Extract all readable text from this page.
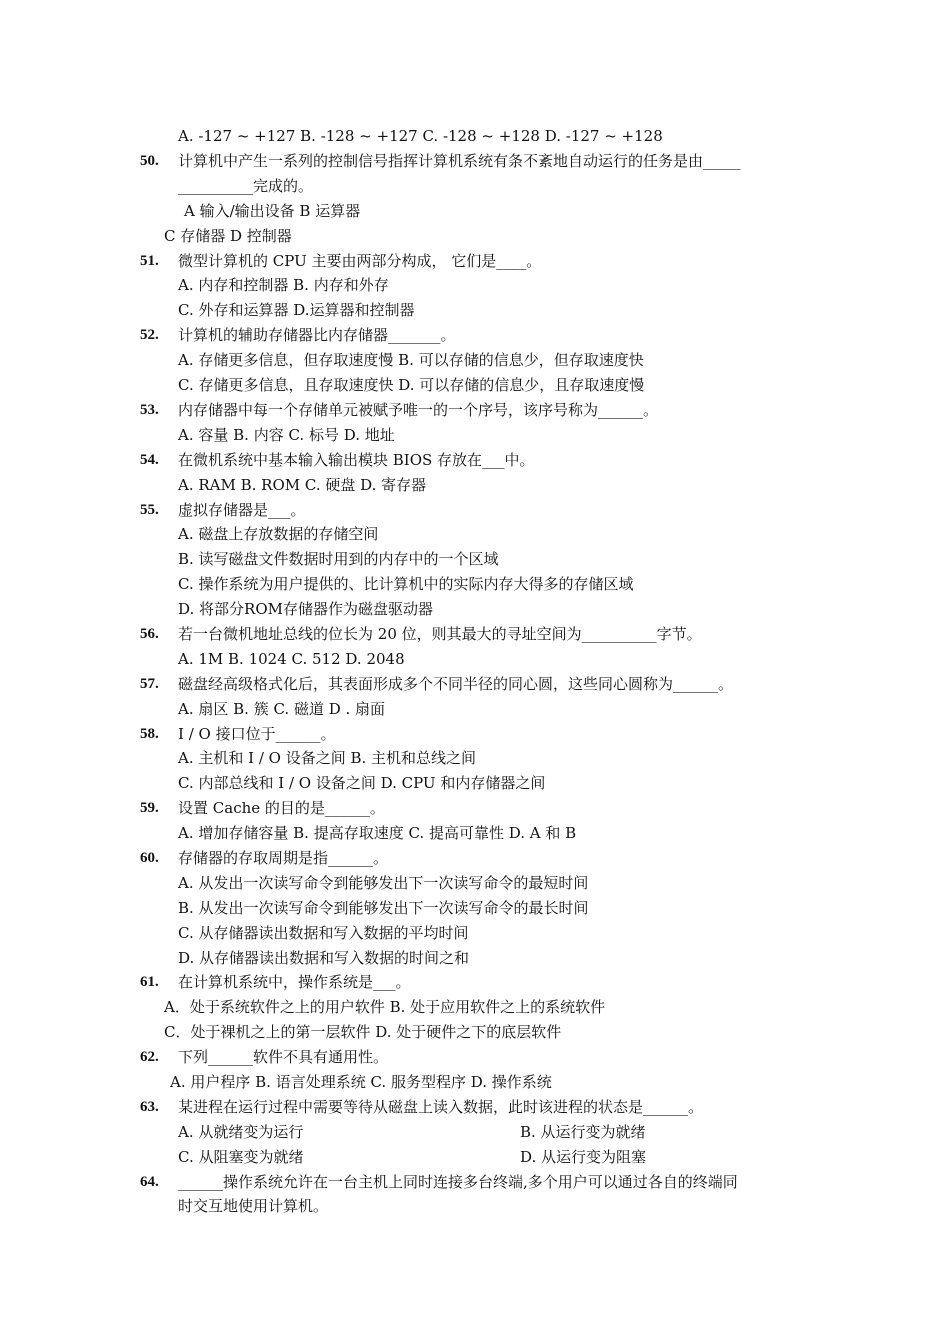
A. -127 ~ +127 B. -128 ~ +127 C. -128 ~ +128 D. -127 ~ +128
50.	计算机中产生一系列的控制信号指挥计算机系统有条不紊地自动运行的任务是由_____
__________完成的。
A 输入/输出设备 B 运算器
C 存储器 D 控制器
51.	微型计算机的 CPU 主要由两部分构成， 它们是____。
A. 内存和控制器 B. 内存和外存
C. 外存和运算器 D.运算器和控制器
52.	计算机的辅助存储器比内存储器_______。
A. 存储更多信息，但存取速度慢 B. 可以存储的信息少，但存取速度快
C. 存储更多信息，且存取速度快 D. 可以存储的信息少，且存取速度慢
53.	内存储器中每一个存储单元被赋予唯一的一个序号，该序号称为______。
A. 容量 B. 内容 C. 标号 D. 地址
54.	在微机系统中基本输入输出模块 BIOS 存放在___中。
A. RAM B. ROM C. 硬盘 D. 寄存器
55.	虚拟存储器是___。
A. 磁盘上存放数据的存储空间
B. 读写磁盘文件数据时用到的内存中的一个区域
C. 操作系统为用户提供的、比计算机中的实际内存大得多的存储区域
D. 将部分ROM存储器作为磁盘驱动器
56.	若一台微机地址总线的位长为 20 位，则其最大的寻址空间为__________字节。
A. 1M B. 1024 C. 512 D. 2048
57.	磁盘经高级格式化后，其表面形成多个不同半径的同心圆，这些同心圆称为______。
A. 扇区 B. 簇 C. 磁道 D . 扇面
58.	I / O 接口位于______。
A. 主机和 I / O 设备之间 B. 主机和总线之间
C. 内部总线和 I / O 设备之间 D. CPU 和内存储器之间
59.	设置 Cache 的目的是______。
A. 增加存储容量 B. 提高存取速度 C. 提高可靠性 D. A 和 B
60.	存储器的存取周期是指______。
A. 从发出一次读写命令到能够发出下一次读写命令的最短时间
B. 从发出一次读写命令到能够发出下一次读写命令的最长时间
C. 从存储器读出数据和写入数据的平均时间
D. 从存储器读出数据和写入数据的时间之和
61.	在计算机系统中，操作系统是___。
A．处于系统软件之上的用户软件 B. 处于应用软件之上的系统软件
C．处于裸机之上的第一层软件 D. 处于硬件之下的底层软件
62.	下列______软件不具有通用性。
A. 用户程序 B. 语言处理系统 C. 服务型程序 D. 操作系统
63.	某进程在运行过程中需要等待从磁盘上读入数据，此时该进程的状态是______。
A. 从就绪变为运行	B. 从运行变为就绪
C. 从阻塞变为就绪	D. 从运行变为阻塞
64.	______操作系统允许在一台主机上同时连接多台终端,多个用户可以通过各自的终端同
时交互地使用计算机。
